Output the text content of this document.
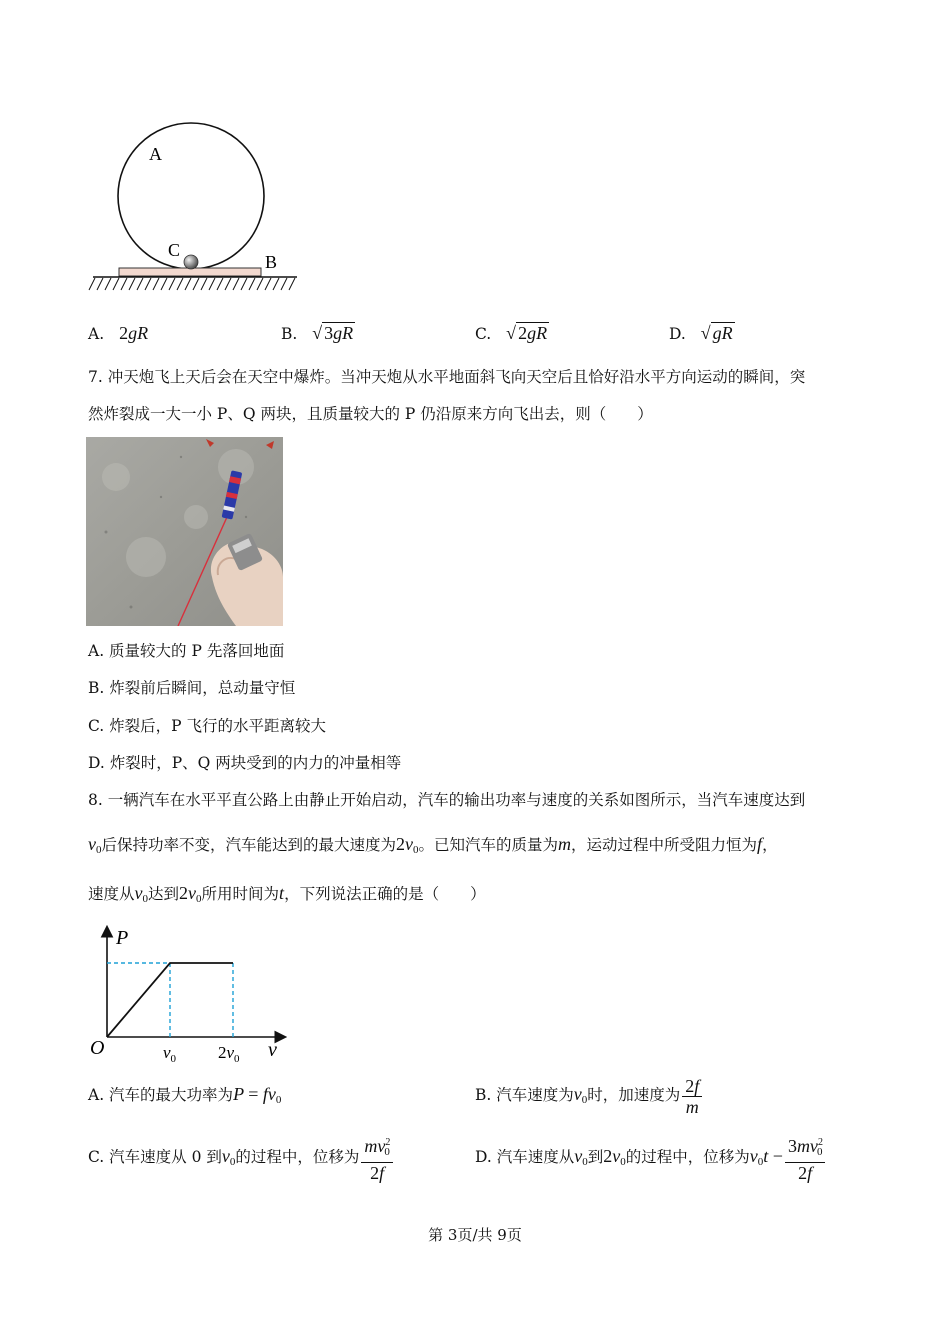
A
C
B
A. 2gR	B. √ 3gR	C. √ 2gR	D. √ gR
7. 冲天炮飞上天后会在天空中爆炸。当冲天炮从水平地面斜飞向天空后且恰好沿水平方向运动的瞬间，突
然炸裂成一大一小 P、Q 两块，且质量较大的 P 仍沿原来方向飞出去，则（　　）
A. 质量较大的 P 先落回地面
B. 炸裂前后瞬间，总动量守恒
C. 炸裂后，P 飞行的水平距离较大
D. 炸裂时，P、Q 两块受到的内力的冲量相等
8. 一辆汽车在水平平直公路上由静止开始启动，汽车的输出功率与速度的关系如图所示，当汽车速度达到
$v_0$后保持功率不变，汽车能达到的最大速度为$2v_0$。已知汽车的质量为m，运动过程中所受阻力恒为f，
速度从$v_0$达到$2v_0$所用时间为t，下列说法正确的是（　　）
P
O	$v_0$ $2v_0$ v
A. 汽车的最大功率为$P = fv_0$	B. 汽车速度为$v_0$时，加速度为 $\frac{2f}{m}$
C. 汽车速度从 0 到$v_0$的过程中，位移为 $\frac{mv^2_0}{2f}$	D. 汽车速度从$v_0$到$2v_0$的过程中，位移为$v_0t - \frac{3mv^2_0}{2f}$
第 3页/共 9页
